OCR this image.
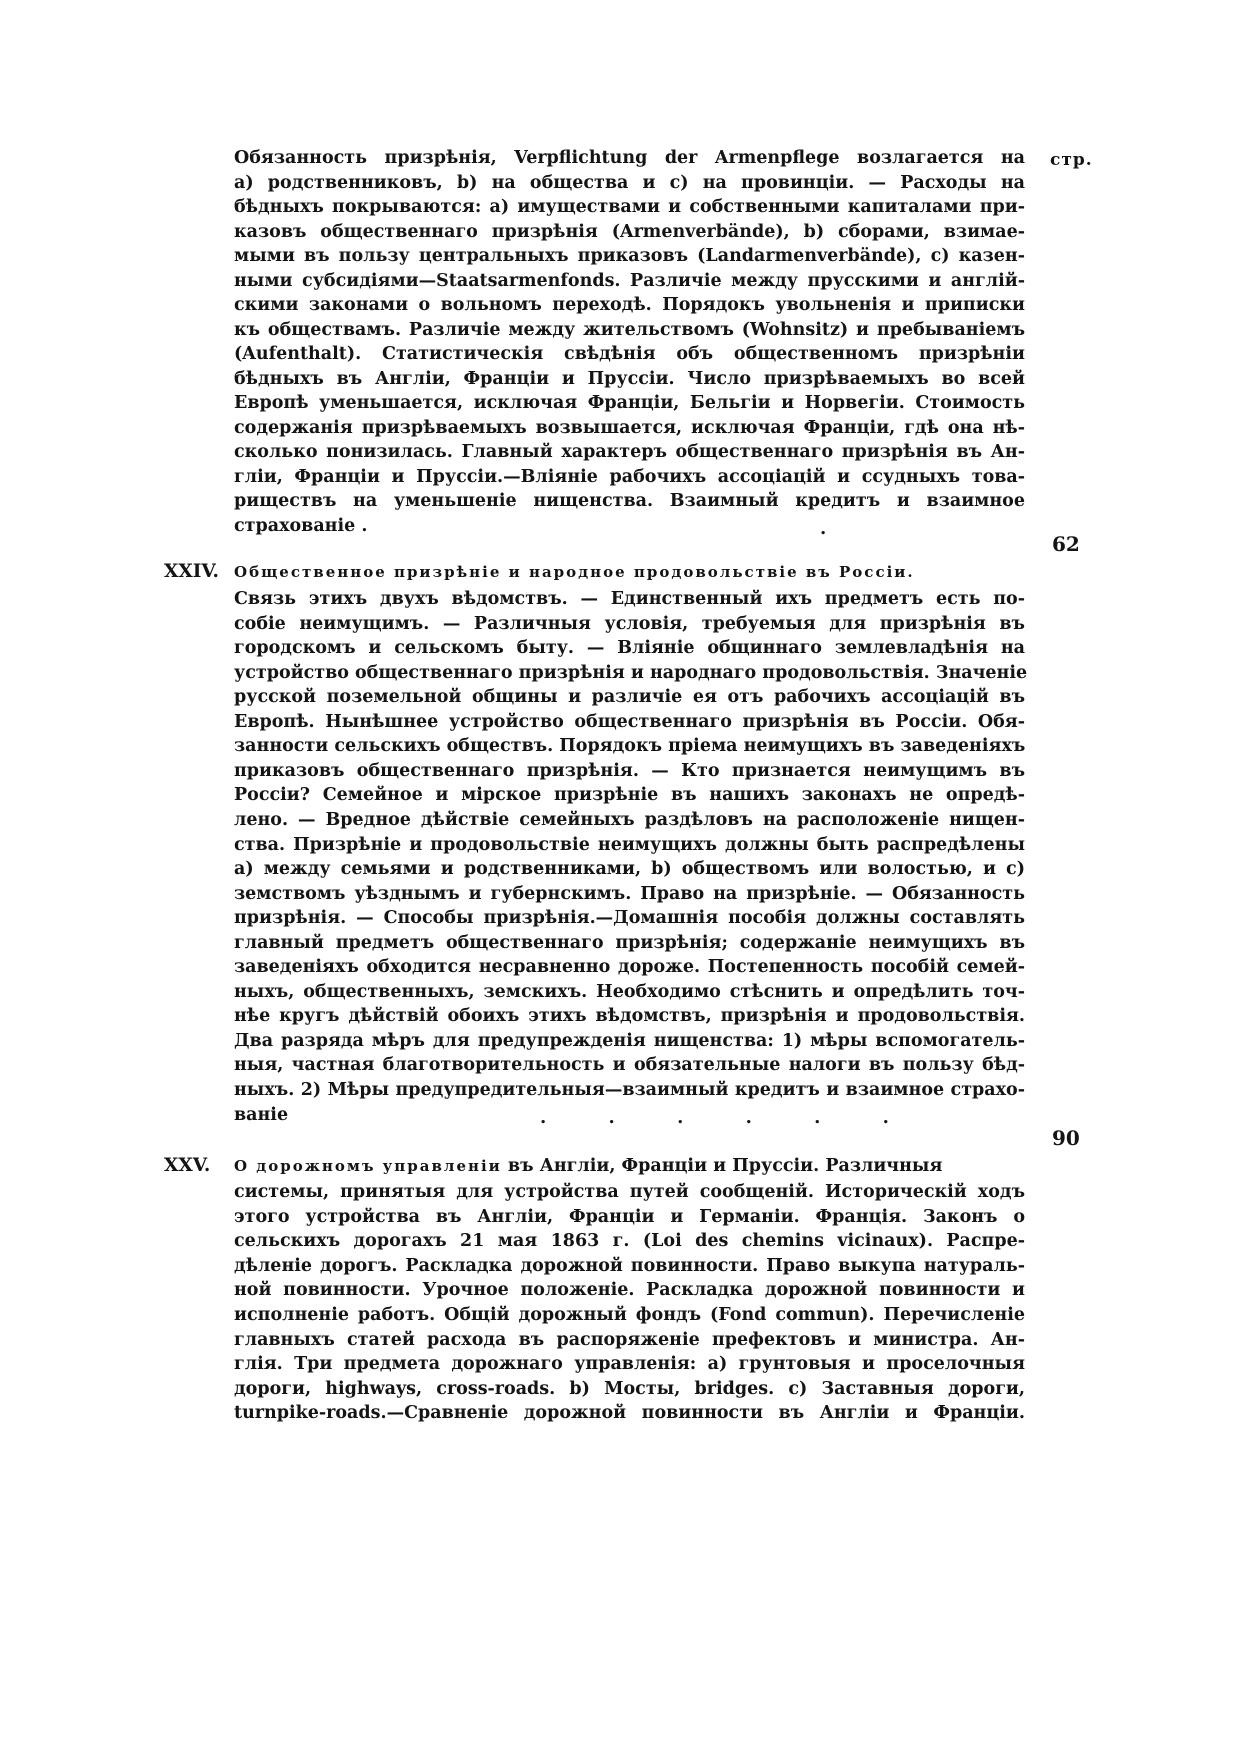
стр.
Обязанность призрѣнія, Verpflichtung der Armenpflege возлагается на
a) родственниковъ, b) на общества и c) на провинціи. — Расходы на
бѣдныхъ покрываются: a) имуществами и собственными капиталами при-
казовъ общественнаго призрѣнія (Armenverbände), b) сборами, взимае-
мыми въ пользу центральныхъ приказовъ (Landarmenverbände), c) казен-
ными субсидіями—Staatsarmenfonds. Различіе между прусскими и англій-
скими законами о вольномъ переходѣ. Порядокъ увольненія и приписки
къ обществамъ. Различіе между жительствомъ (Wohnsitz) и пребываніемъ
(Aufenthalt). Статистическія свѣдѣнія объ общественномъ призрѣніи
бѣдныхъ въ Англіи, Франціи и Пруссіи. Число призрѣваемыхъ во всей
Европѣ уменьшается, исключая Франціи, Бельгіи и Норвегіи. Стоимость
содержанія призрѣваемыхъ возвышается, исключая Франціи, гдѣ она нѣ-
сколько понизилась. Главный характеръ общественнаго призрѣнія въ Ан-
гліи, Франціи и Пруссіи.—Вліяніе рабочихъ ассоціацій и ссудныхъ това-
риществъ на уменьшеніе нищенства. Взаимный кредитъ и взаимное
страхованіе .	.
62
XXIV. Общественное призрѣніе и народное продовольствіе въ Россіи.
Связь этихъ двухъ вѣдомствъ. — Единственный ихъ предметъ есть по-
собіе неимущимъ. — Различныя условія, требуемыя для призрѣнія въ
городскомъ и сельскомъ быту. — Вліяніе общиннаго землевладѣнія на
устройство общественнаго призрѣнія и народнаго продовольствія. Значеніе
русской поземельной общины и различіе ея отъ рабочихъ ассоціацій въ
Европѣ. Нынѣшнее устройство общественнаго призрѣнія въ Россіи. Обя-
занности сельскихъ обществъ. Порядокъ пріема неимущихъ въ заведеніяхъ
приказовъ общественнаго призрѣнія. — Кто признается неимущимъ въ
Россіи? Семейное и мірское призрѣніе въ нашихъ законахъ не опредѣ-
лено. — Вредное дѣйствіе семейныхъ раздѣловъ на расположеніе нищен-
ства. Призрѣніе и продовольствіе неимущихъ должны быть распредѣлены
a) между семьями и родственниками, b) обществомъ или волостью, и c)
земствомъ уѣзднымъ и губернскимъ. Право на призрѣніе. — Обязанность
призрѣнія. — Способы призрѣнія.—Домашнія пособія должны составлять
главный предметъ общественнаго призрѣнія; содержаніе неимущихъ въ
заведеніяхъ обходится несравненно дороже. Постепенность пособій семей-
ныхъ, общественныхъ, земскихъ. Необходимо стѣснить и опредѣлить точ-
нѣе кругъ дѣйствій обоихъ этихъ вѣдомствъ, призрѣнія и продовольствія.
Два разряда мѣръ для предупрежденія нищенства: 1) мѣры вспомогатель-
ныя, частная благотворительность и обязательные налоги въ пользу бѣд-
ныхъ. 2) Мѣры предупредительныя—взаимный кредитъ и взаимное страхо-
ваніе	. . . . . .
90
XXV. О дорожномъ управленіи въ Англіи, Франціи и Пруссіи. Различныя
системы, принятыя для устройства путей сообщеній. Историческій ходъ
этого устройства въ Англіи, Франціи и Германіи. Франція. Законъ о
сельскихъ дорогахъ 21 мая 1863 г. (Loi des chemins vicinaux). Распре-
дѣленіе дорогъ. Раскладка дорожной повинности. Право выкупа натураль-
ной повинности. Урочное положеніе. Раскладка дорожной повинности и
исполненіе работъ. Общій дорожный фондъ (Fond commun). Перечисленіе
главныхъ статей расхода въ распоряженіе префектовъ и министра. Ан-
глія. Три предмета дорожнаго управленія: a) грунтовыя и проселочныя
дороги, highways, cross-roads. b) Мосты, bridges. c) Заставныя дороги,
turnpike-roads.—Сравненіе дорожной повинности въ Англіи и Франціи.
